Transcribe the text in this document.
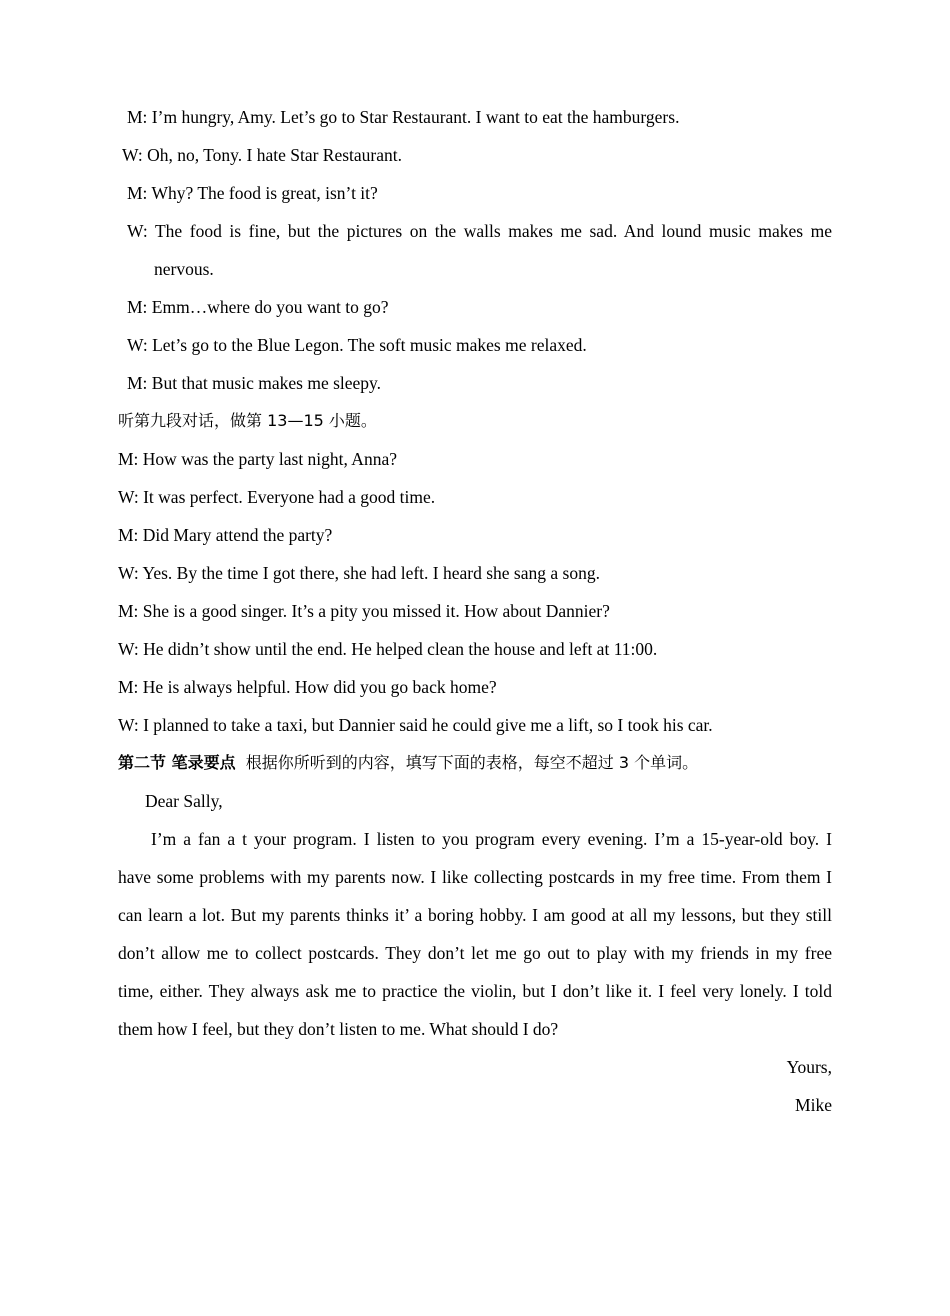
M: I’m hungry, Amy. Let’s go to Star Restaurant. I want to eat the hamburgers.
W: Oh, no, Tony. I hate Star Restaurant.
M: Why? The food is great, isn’t it?
W: The food is fine, but the pictures on the walls makes me sad. And lound music makes me
nervous.
M: Emm…where do you want to go?
W: Let’s go to the Blue Legon. The soft music makes me relaxed.
M: But that music makes me sleepy.
听第九段对话，做第 13—15 小题。
M: How was the party last night, Anna?
W: It was perfect. Everyone had a good time.
M: Did Mary attend the party?
W: Yes. By the time I got there, she had left. I heard she sang a song.
M: She is a good singer. It’s a pity you missed it. How about Dannier?
W: He didn’t show until the end. He helped clean the house and left at 11:00.
M: He is always helpful. How did you go back home?
W: I planned to take a taxi, but Dannier said he could give me a lift, so I took his car.
第二节 笔录要点 根据你所听到的内容，填写下面的表格，每空不超过 3 个单词。
Dear Sally,
I’m a fan a t your program. I listen to you program every evening. I’m a 15-year-old boy. I
have some problems with my parents now. I like collecting postcards in my free time. From them I
can learn a lot. But my parents thinks it’ a boring hobby. I am good at all my lessons, but they still
don’t allow me to collect postcards. They don’t let me go out to play with my friends in my free
time, either. They always ask me to practice the violin, but I don’t like it. I feel very lonely. I told
them how I feel, but they don’t listen to me. What should I do?
Yours,
Mike
